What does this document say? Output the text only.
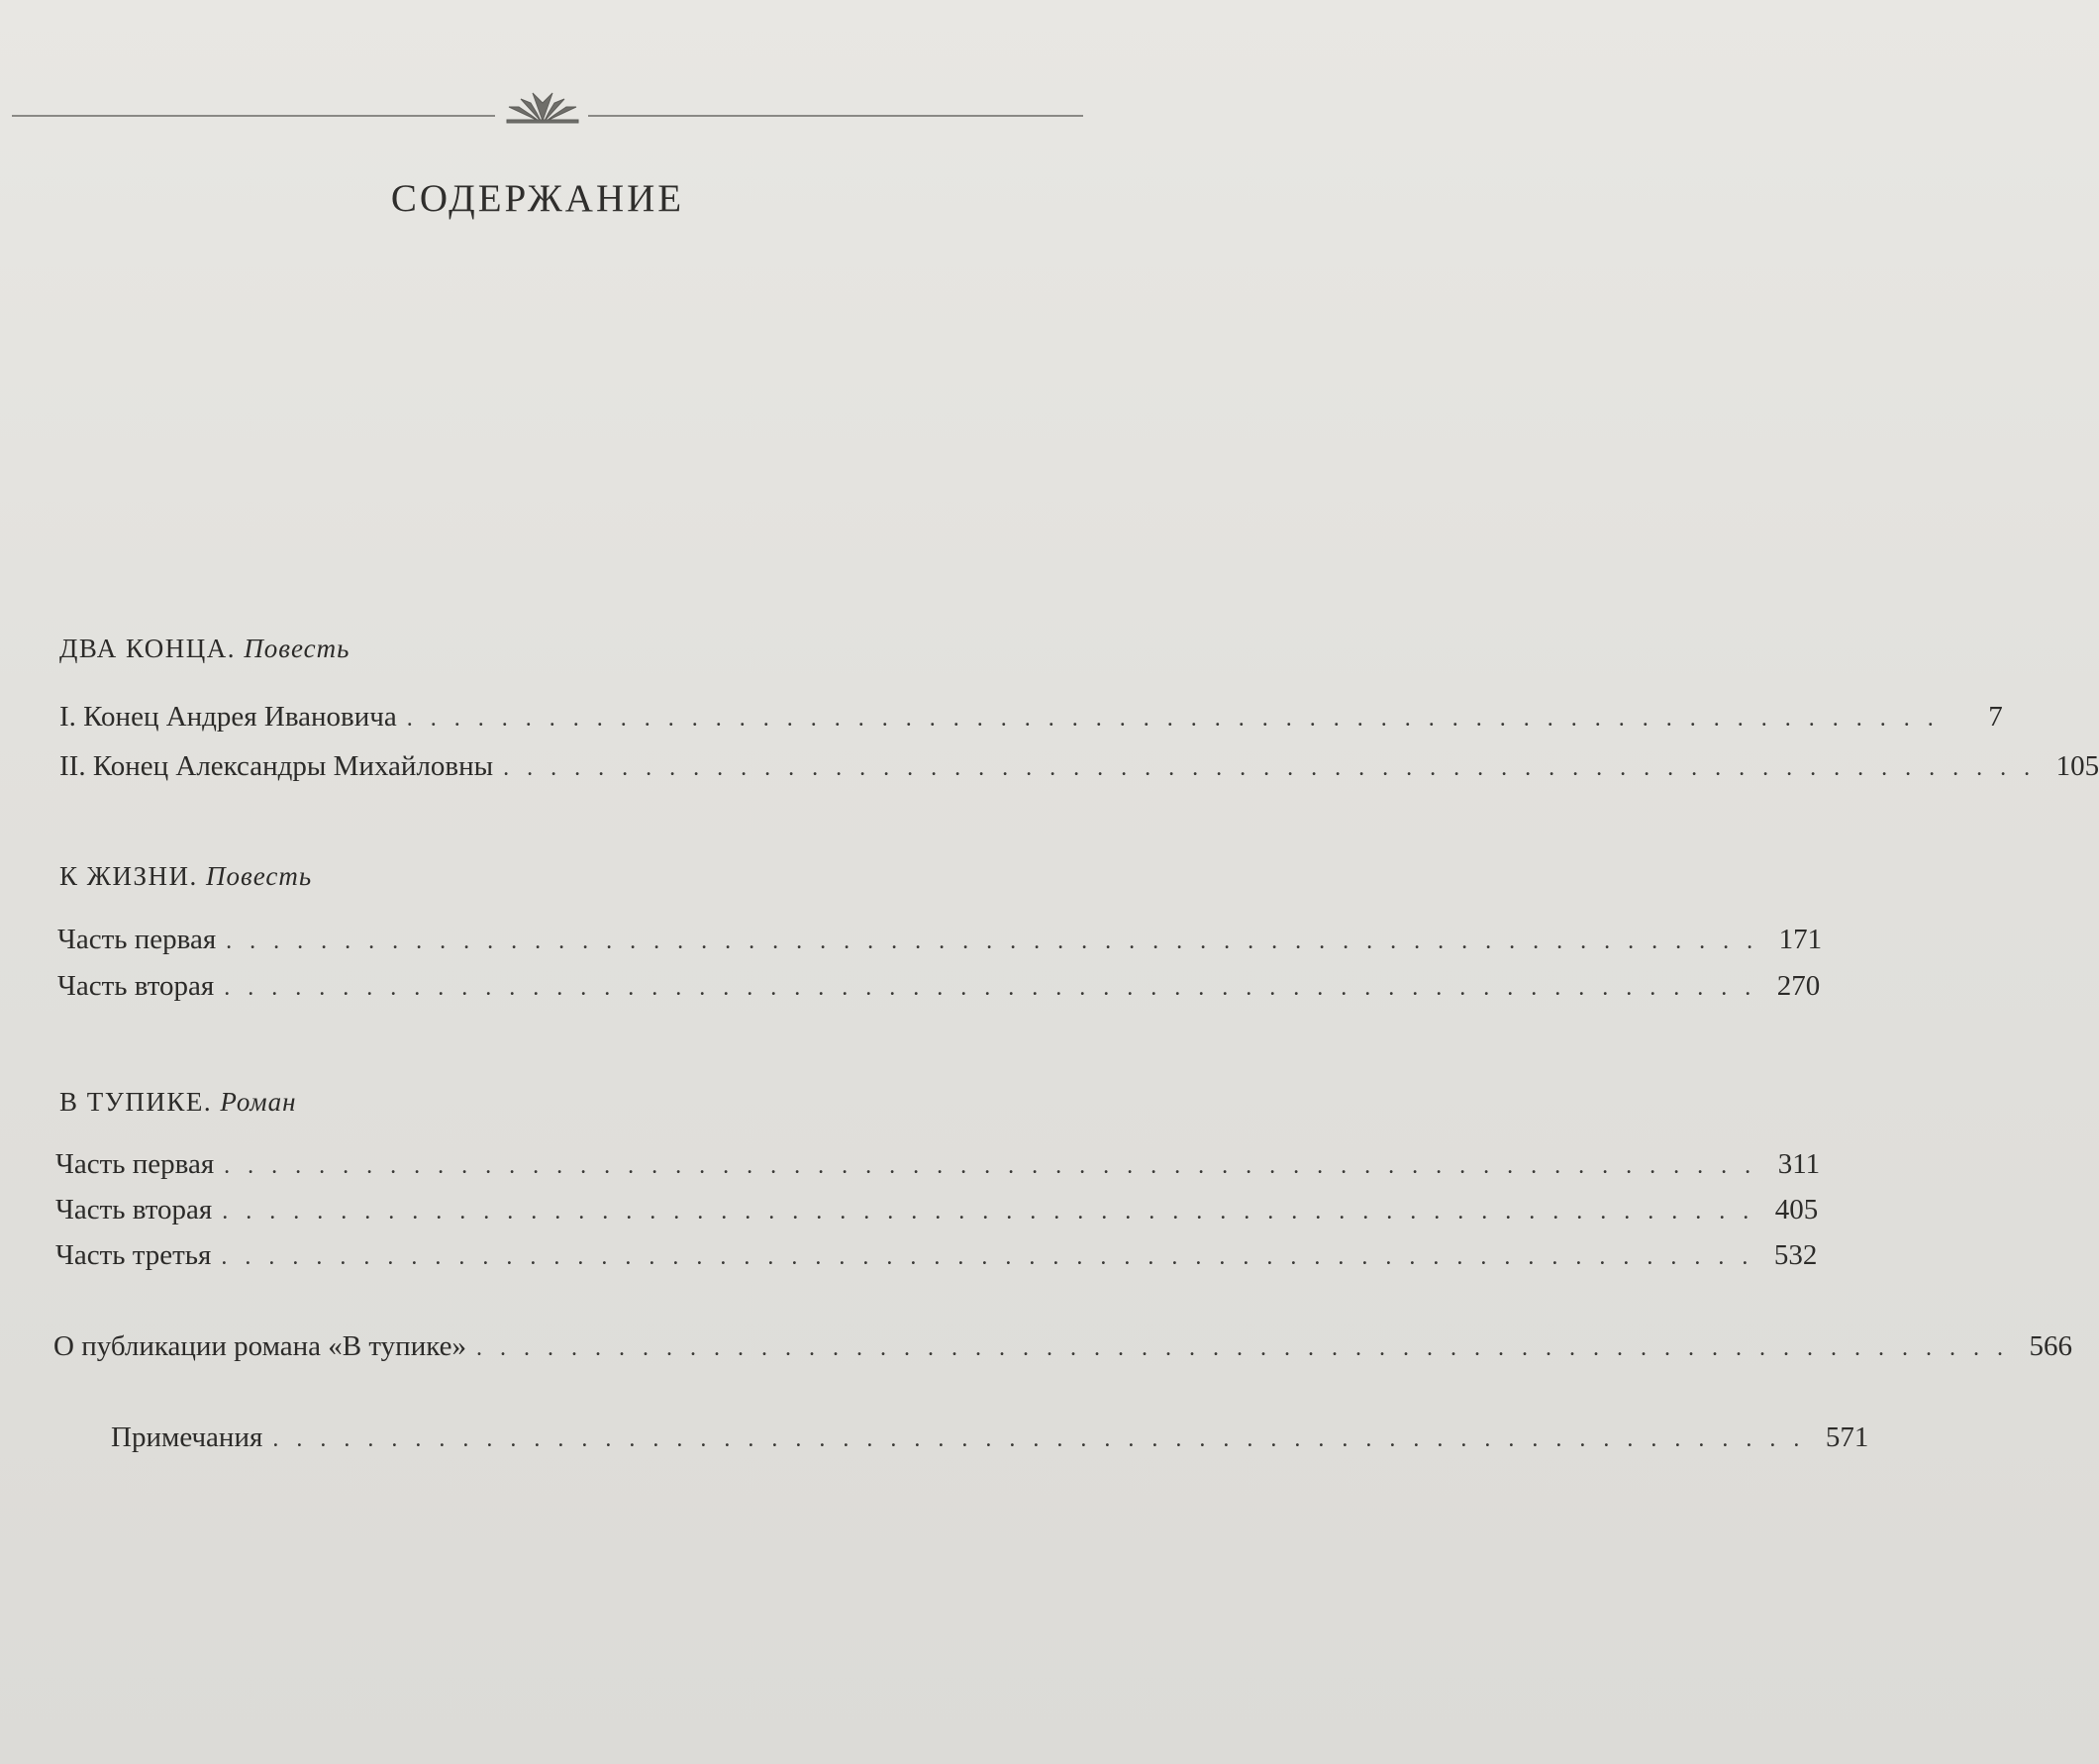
СОДЕРЖАНИЕ
ДВА КОНЦА. Повесть
I. Конец Андрея Ивановича . . . . . . . . . . . . . . . . . . . . . . . . . . . . . . . . . . . . . . . . . . . . . . . . . . . . . . . . . . . . . . . . .	7
II. Конец Александры Михайловны . . . . . . . . . . . . . . . . . . . . . . . . . . . . . . . . . . . . . . . . . . . . . . . . . . . . . . . . . . . . . . . . . 105
К ЖИЗНИ. Повесть
Часть первая . . . . . . . . . . . . . . . . . . . . . . . . . . . . . . . . . . . . . . . . . . . . . . . . . . . . . . . . . . . . . . . . . 171
Часть вторая . . . . . . . . . . . . . . . . . . . . . . . . . . . . . . . . . . . . . . . . . . . . . . . . . . . . . . . . . . . . . . . . . 270
В ТУПИКЕ. Роман
Часть первая . . . . . . . . . . . . . . . . . . . . . . . . . . . . . . . . . . . . . . . . . . . . . . . . . . . . . . . . . . . . . . . . . 311
Часть вторая . . . . . . . . . . . . . . . . . . . . . . . . . . . . . . . . . . . . . . . . . . . . . . . . . . . . . . . . . . . . . . . . . 405
Часть третья . . . . . . . . . . . . . . . . . . . . . . . . . . . . . . . . . . . . . . . . . . . . . . . . . . . . . . . . . . . . . . . . . 532
О публикации романа «В тупике» . . . . . . . . . . . . . . . . . . . . . . . . . . . . . . . . . . . . . . . . . . . . . . . . . . . . . . . . . . . . . . . . . 566
Примечания . . . . . . . . . . . . . . . . . . . . . . . . . . . . . . . . . . . . . . . . . . . . . . . . . . . . . . . . . . . . . . . . . 571
